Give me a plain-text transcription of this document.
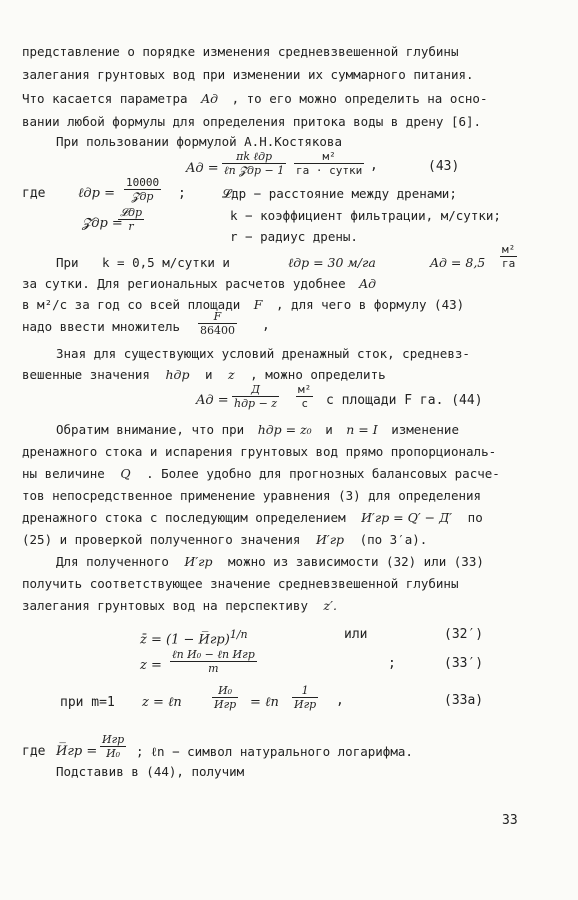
представление о порядке изменения средневзвешенной глубины
залегания грунтовых вод при изменении их суммарного питания.
Что касается параметра Aд , то его можно определить на осно-
вании любой формулы для определения притока воды в дрену [6].
При пользовании формулой А.Н.Костякова
Aд =
πk ℓдр
ℓn 𝓩др − 1
м²
га · сутки ,	(43)
где	ℓдр =
10000
𝓩др	;
𝓩др =
𝓛др
r
𝓛др − расстояние между дренами;
k − коэффициент фильтрации, м/сутки;
r − радиус дрены.
При k = 0,5 м/сутки и	ℓдр = 30 м/га	Aд = 8,5
м²
га
за сутки. Для региональных расчетов удобнее Aд
в м²/с за год со всей площади F , для чего в формулу (43)
надо ввести множитель $\frac{F}{86400}$ ,
Зная для существующих условий дренажный сток, средневз-
вешенные значения hдр и z , можно определить
Aд =
Д
hдр − z
м²
с	с площади F га. (44)
Обратим внимание, что при hдр = z₀ и n = I изменение
дренажного стока и испарения грунтовых вод прямо пропорциональ-
ны величине Q . Более удобно для прогнозных балансовых расче-
тов непосредственное применение уравнения (3) для определения
дренажного стока с последующим определением И′гр = Q′ − Д′ по
(25) и проверкой полученного значения И′гр (по 3′а).
Для полученного И′гр можно из зависимости (32) или (33)
получить соответствующее значение средневзвешенной глубины
залегания грунтовых вод на перспективу z′.
z̄ = (1 − И̅гр)$^{1/n}$	или	(32′)
z =
ℓn И₀ − ℓn Игр
m	;	(33′)
при m=1 z = ℓn
И₀
Игр = ℓn
1
И̅гр ,	(33а)
где И̅гр =
Игр
И₀	; ℓn − символ натурального логарифма.
Подставив в (44), получим
33
